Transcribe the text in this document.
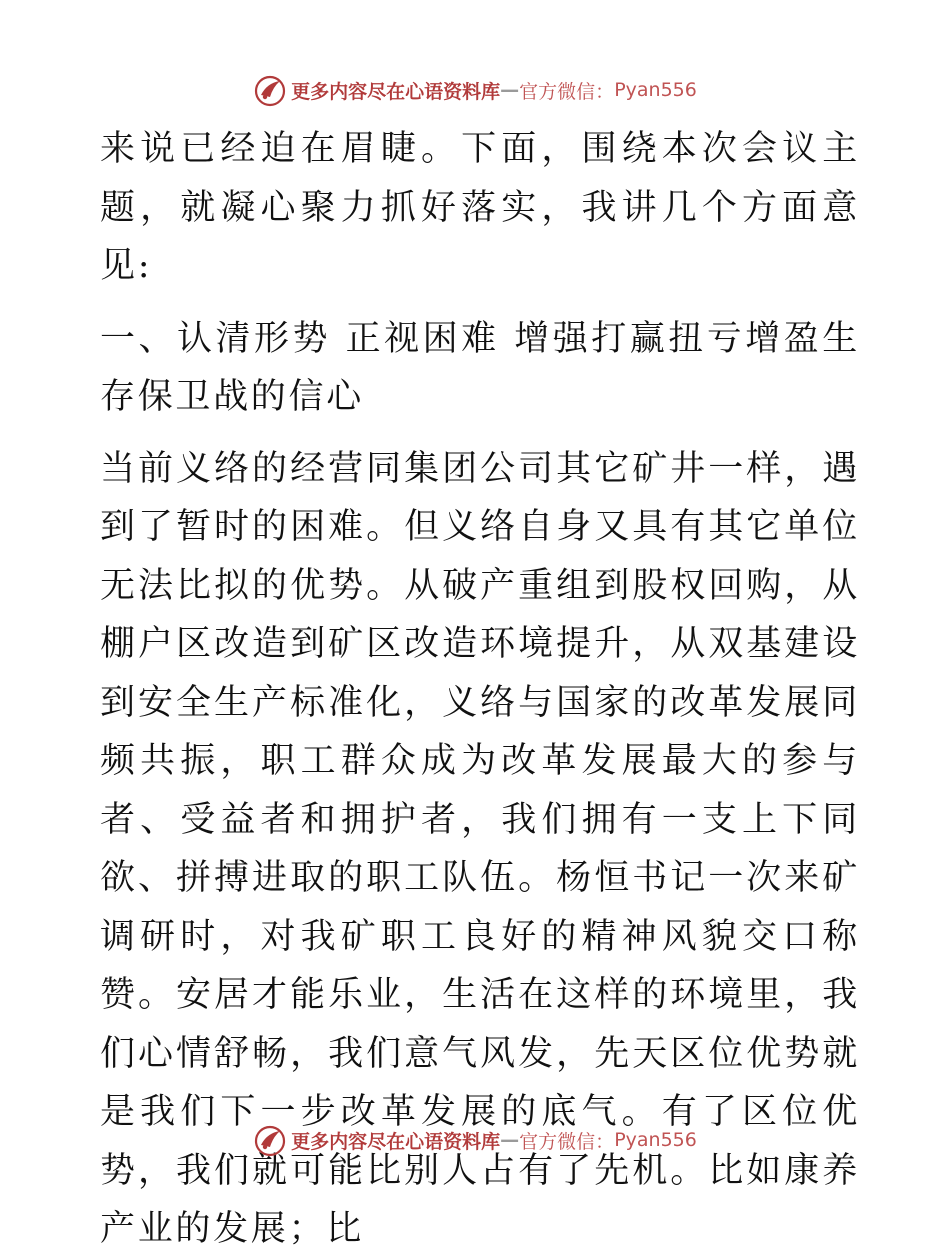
更多内容尽在心语资料库 — 官方微信： Pyan556

来说已经迫在眉睫。下面，围绕本次会议主题，就凝心聚力抓好落实，我讲几个方面意见:

一、认清形势 正视困难 增强打赢扭亏增盈生存保卫战的信心

当前义络的经营同集团公司其它矿井一样，遇到了暂时的困难。但义络自身又具有其它单位无法比拟的优势。从破产重组到股权回购，从棚户区改造到矿区改造环境提升，从双基建设到安全生产标准化，义络与国家的改革发展同频共振，职工群众成为改革发展最大的参与者、受益者和拥护者，我们拥有一支上下同欲、拼搏进取的职工队伍。杨恒书记一次来矿调研时，对我矿职工良好的精神风貌交口称赞。安居才能乐业，生活在这样的环境里，我们心情舒畅，我们意气风发，先天区位优势就是我们下一步改革发展的底气。有了区位优势，我们就可能比别人占有了先机。比如康养产业的发展；比

更多内容尽在心语资料库 — 官方微信： Pyan556
